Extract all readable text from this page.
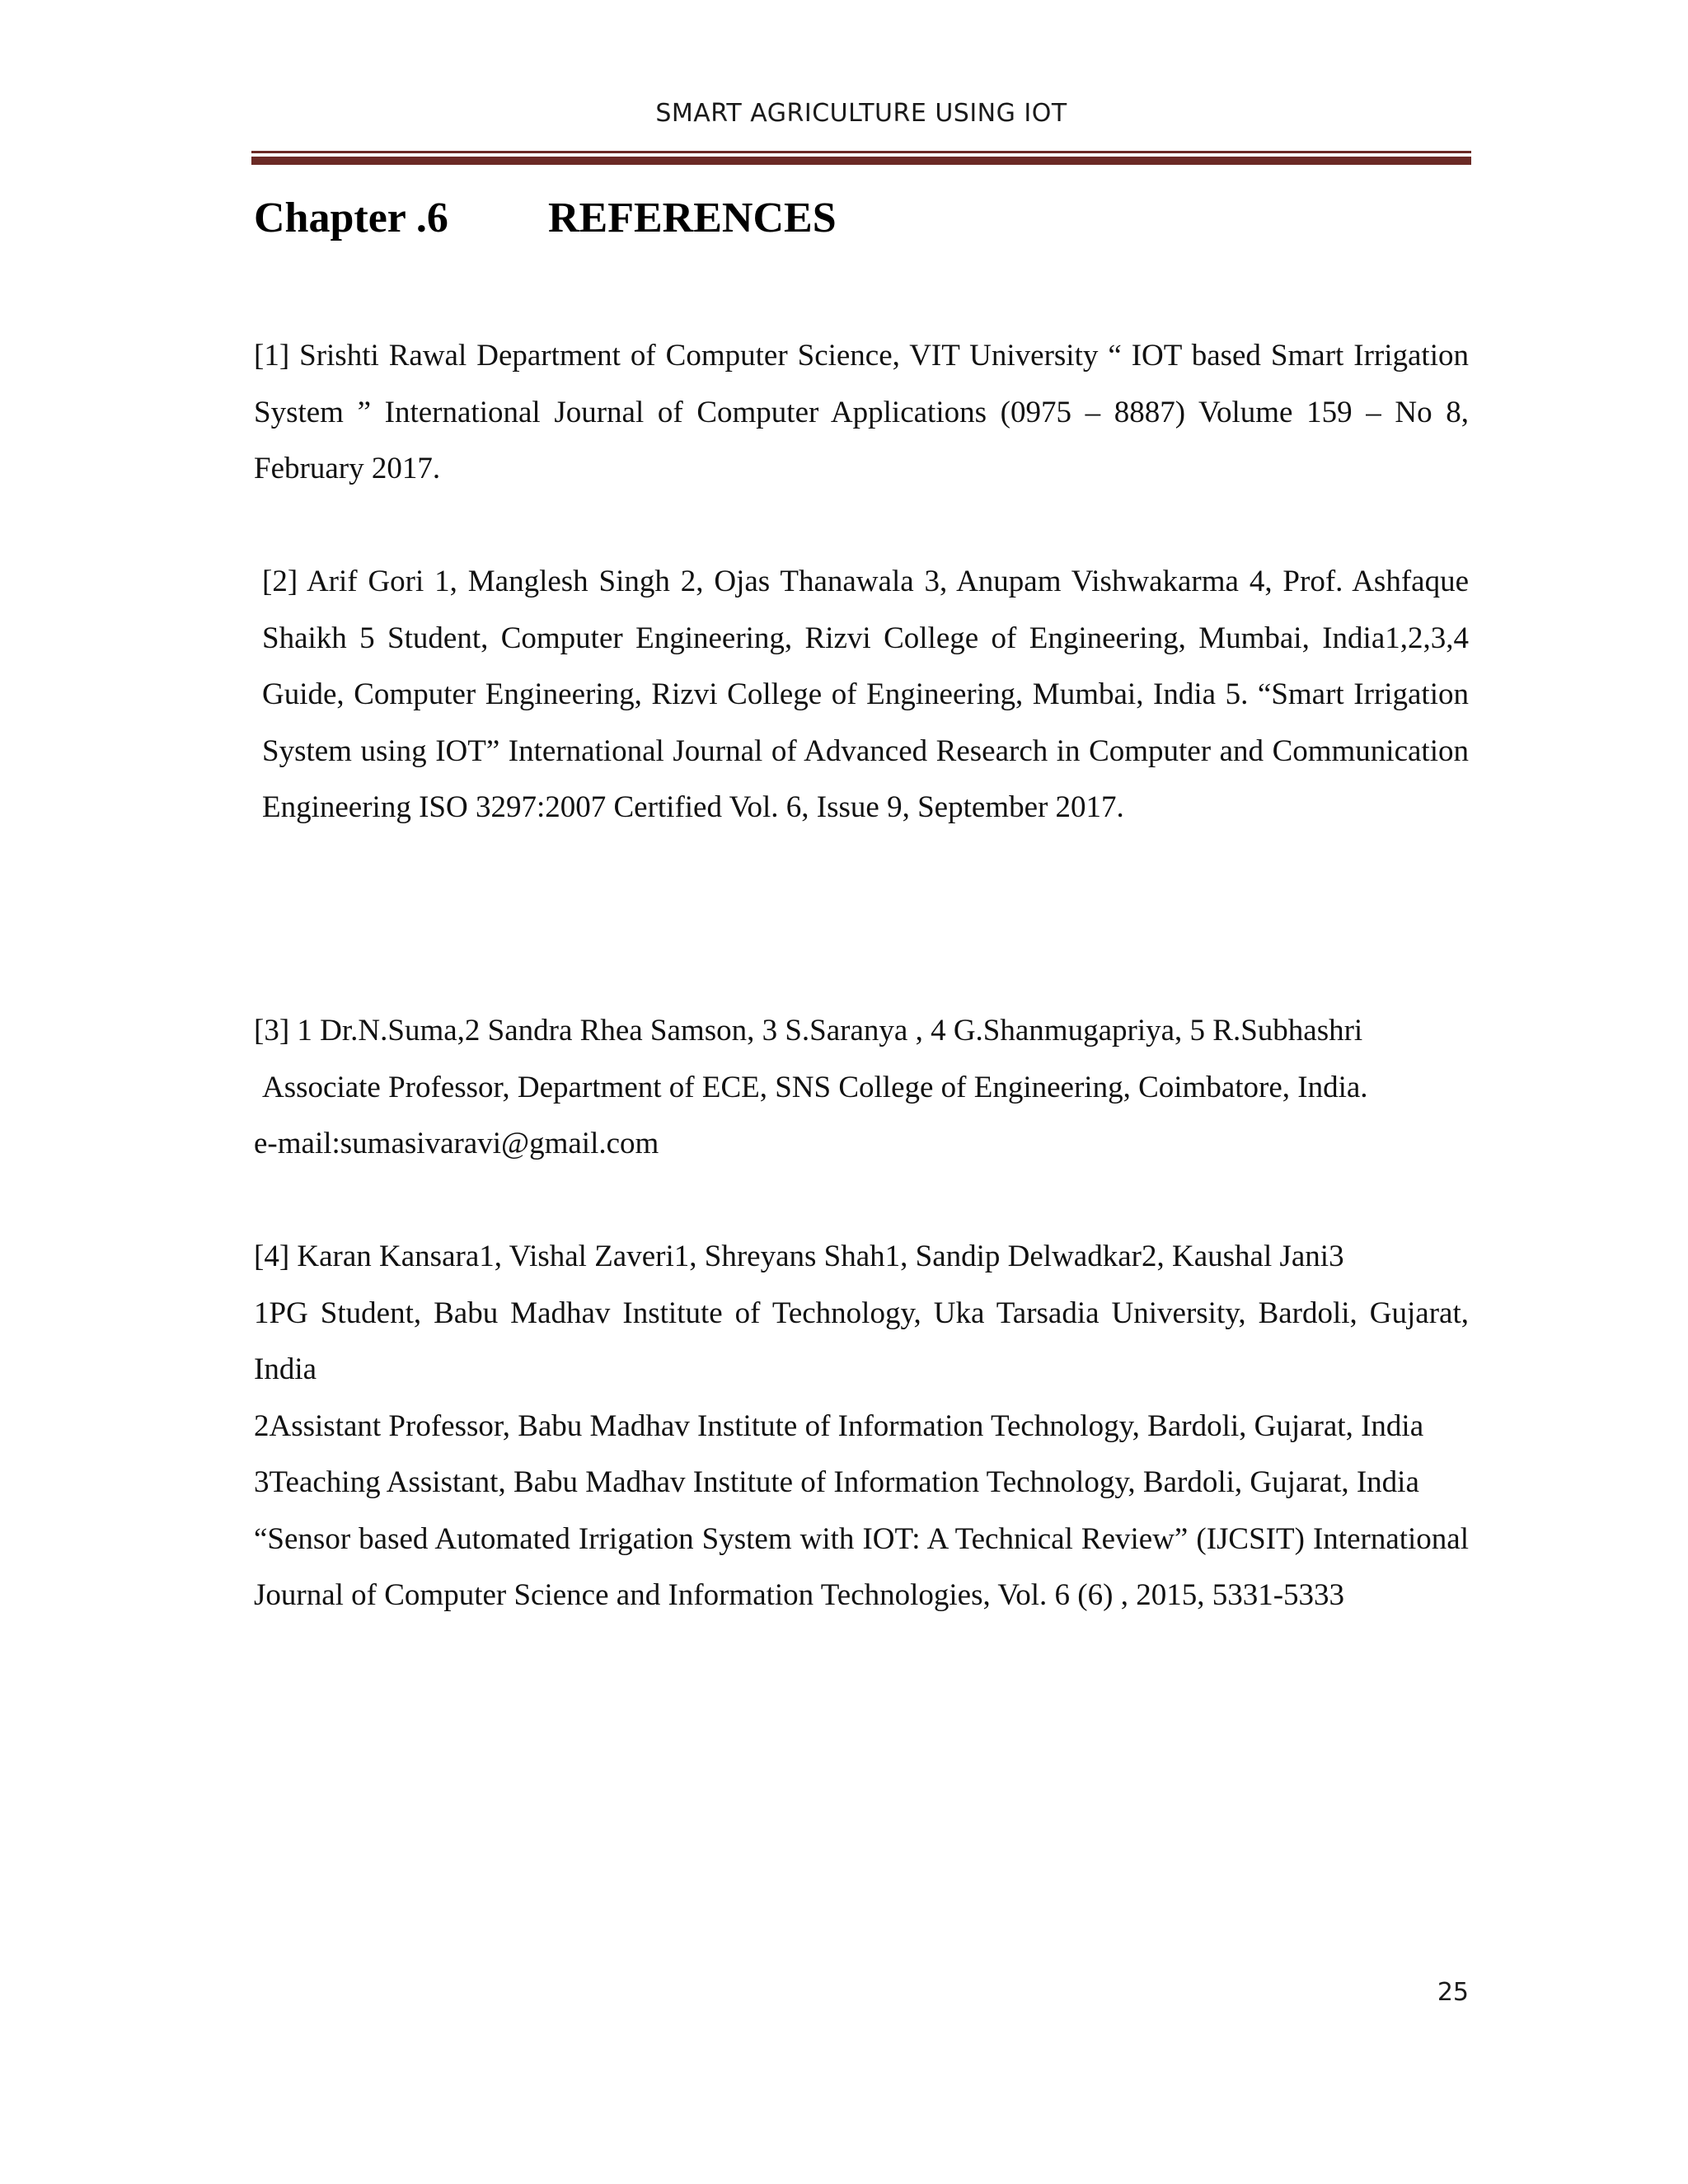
SMART AGRICULTURE USING IOT
Chapter .6 REFERENCES

[1] Srishti Rawal Department of Computer Science, VIT University “ IOT based Smart Irrigation System ” International Journal of Computer Applications (0975 – 8887) Volume 159 – No 8, February 2017.

[2] Arif Gori 1, Manglesh Singh 2, Ojas Thanawala 3, Anupam Vishwakarma 4, Prof. Ashfaque Shaikh 5 Student, Computer Engineering, Rizvi College of Engineering, Mumbai, India1,2,3,4 Guide, Computer Engineering, Rizvi College of Engineering, Mumbai, India 5. “Smart Irrigation System using IOT” International Journal of Advanced Research in Computer and Communication Engineering ISO 3297:2007 Certified Vol. 6, Issue 9, September 2017.

[3] 1 Dr.N.Suma,2 Sandra Rhea Samson, 3 S.Saranya , 4 G.Shanmugapriya, 5 R.Subhashri

Associate Professor, Department of ECE, SNS College of Engineering, Coimbatore, India.

e-mail:sumasivaravi@gmail.com

[4] Karan Kansara1, Vishal Zaveri1, Shreyans Shah1, Sandip Delwadkar2, Kaushal Jani3

1PG Student, Babu Madhav Institute of Technology, Uka Tarsadia University, Bardoli, Gujarat, India

2Assistant Professor, Babu Madhav Institute of Information Technology, Bardoli, Gujarat, India

3Teaching Assistant, Babu Madhav Institute of Information Technology, Bardoli, Gujarat, India

“Sensor based Automated Irrigation System with IOT: A Technical Review” (IJCSIT) International Journal of Computer Science and Information Technologies, Vol. 6 (6) , 2015, 5331-5333

25
